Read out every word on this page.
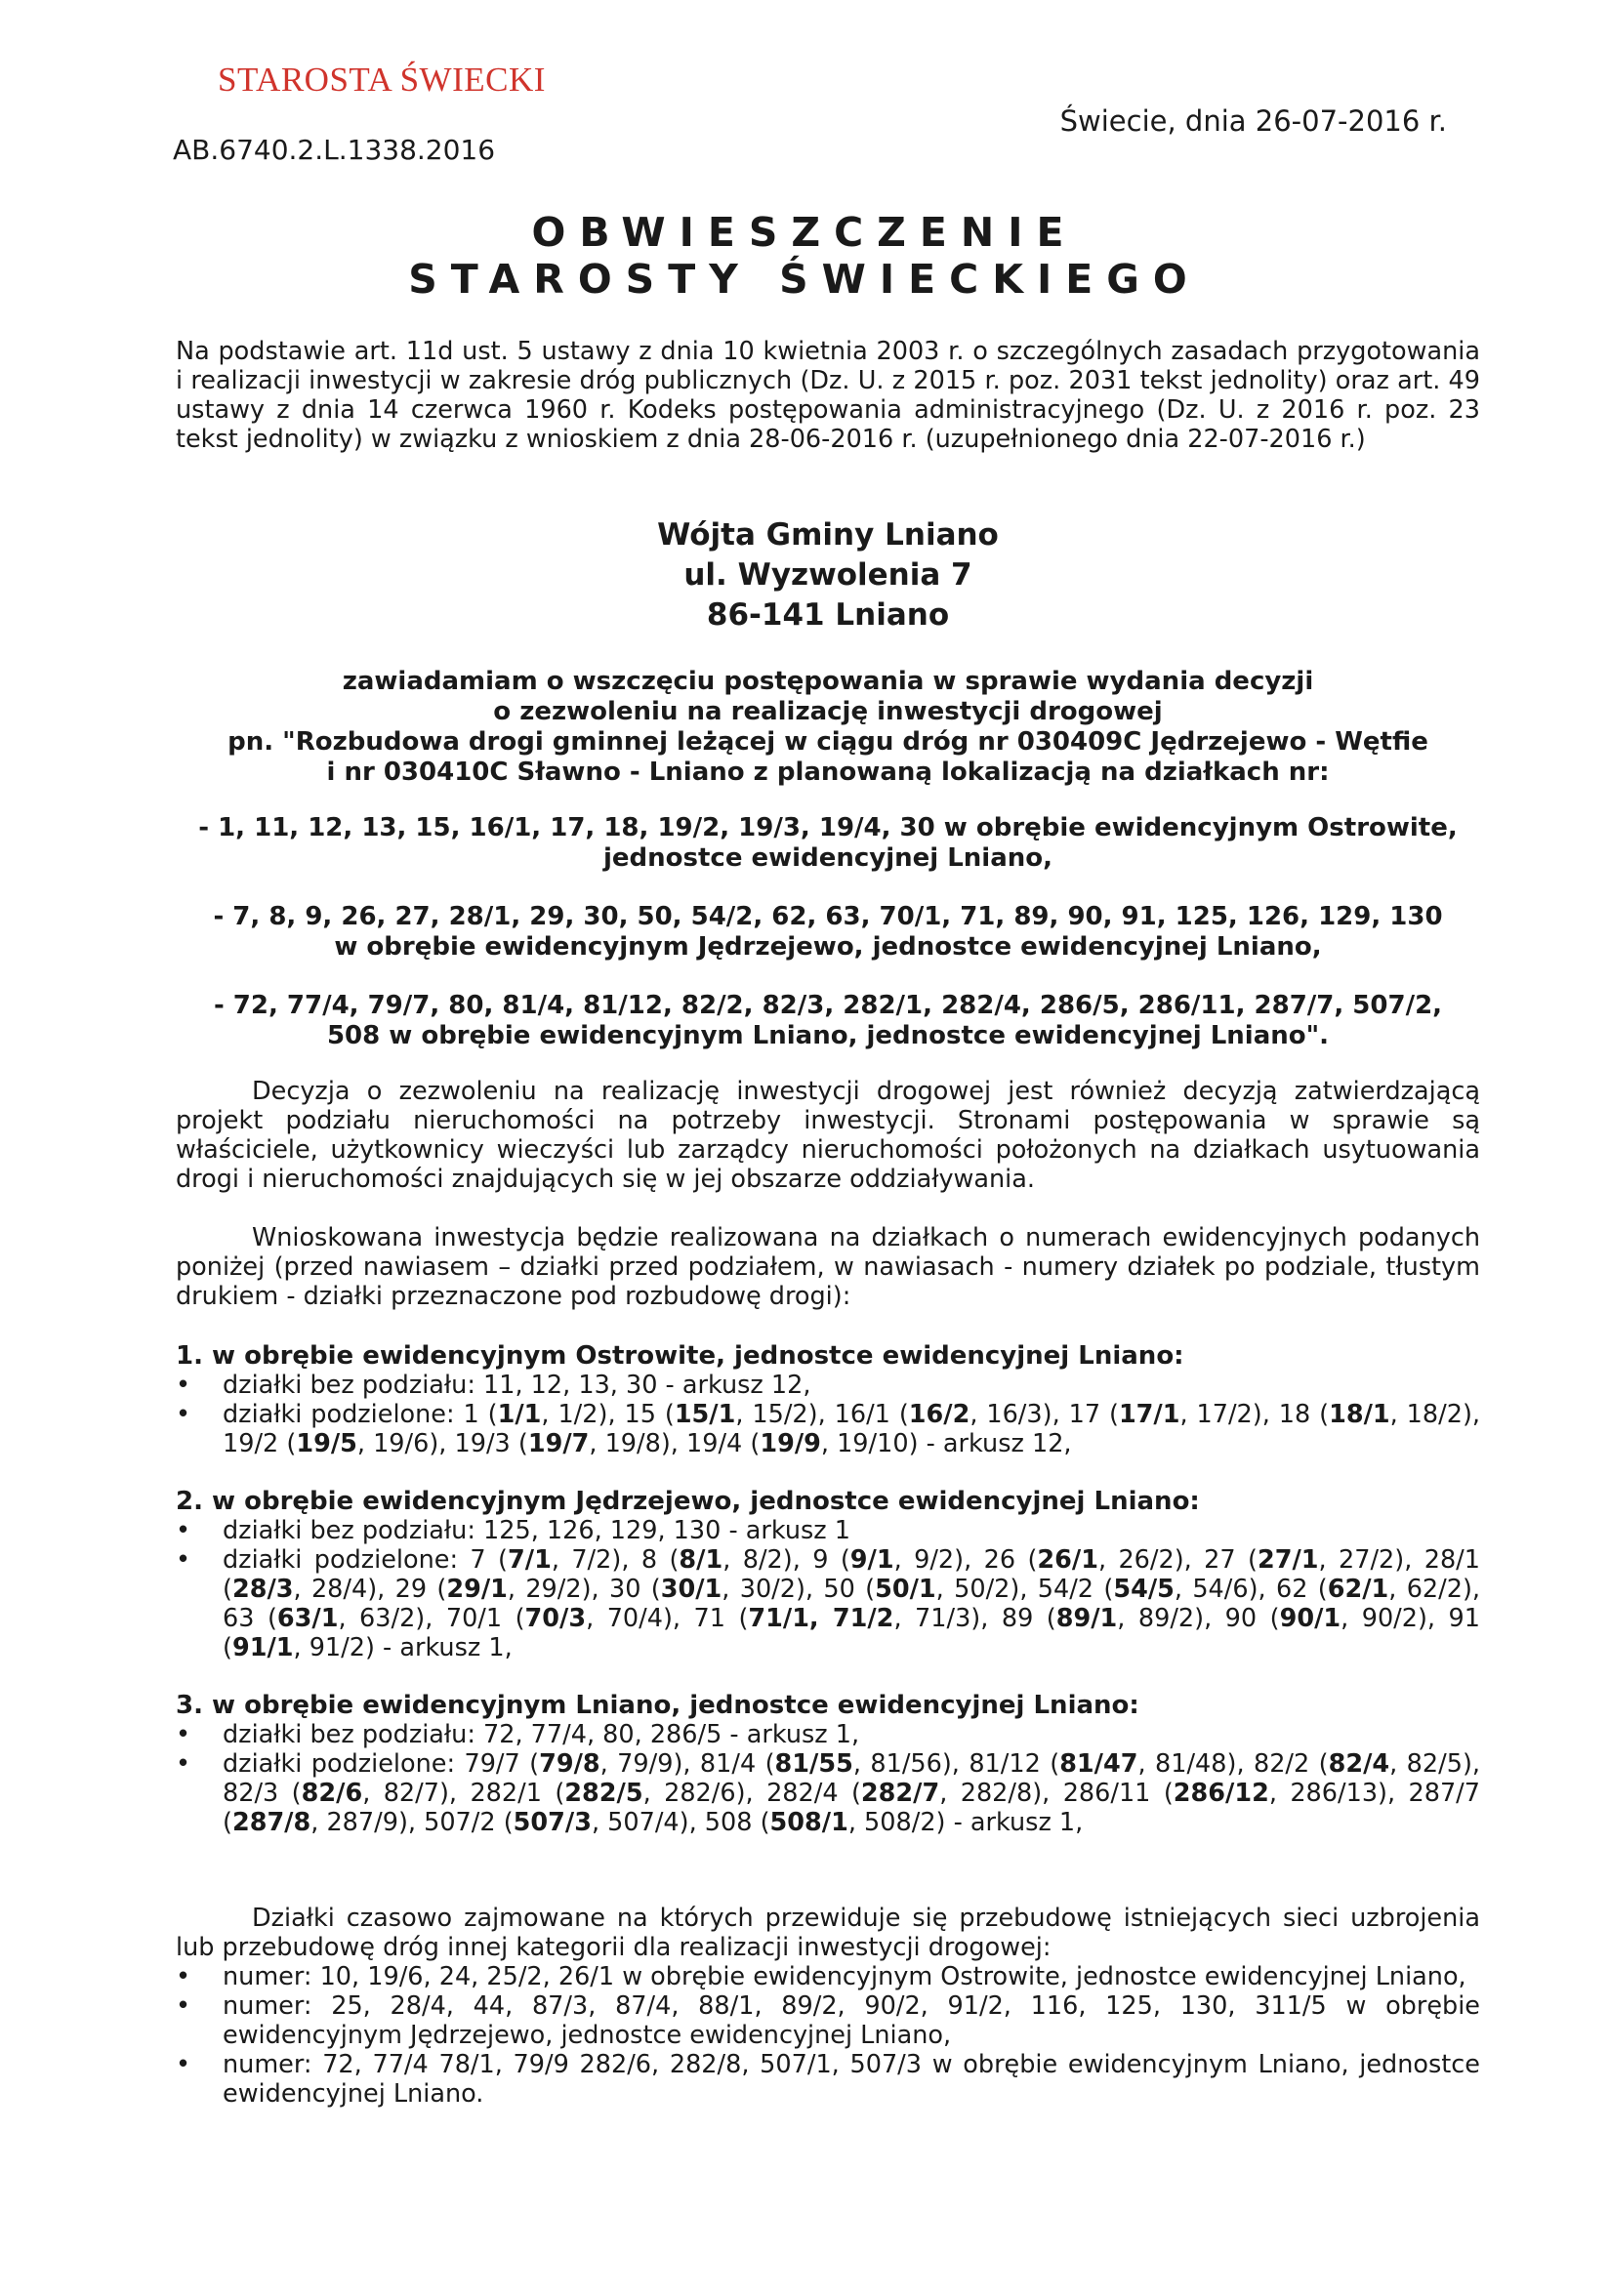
STAROSTA ŚWIECKI
AB.6740.2.L.1338.2016
Świecie, dnia 26-07-2016 r.
OBWIESZCZENIE
STAROSTY ŚWIECKIEGO
Na podstawie art. 11d ust. 5 ustawy z dnia 10 kwietnia 2003 r. o szczególnych zasadach przygotowania i realizacji inwestycji w zakresie dróg publicznych (Dz. U. z 2015 r. poz. 2031 tekst jednolity) oraz art. 49 ustawy z dnia 14 czerwca 1960 r. Kodeks postępowania administracyjnego (Dz. U. z 2016 r. poz. 23 tekst jednolity) w związku z wnioskiem z dnia 28-06-2016 r. (uzupełnionego dnia 22-07-2016 r.)
Wójta Gminy Lniano
ul. Wyzwolenia 7
86-141 Lniano
zawiadamiam o wszczęciu postępowania w sprawie wydania decyzji
o zezwoleniu na realizację inwestycji drogowej
pn. "Rozbudowa drogi gminnej leżącej w ciągu dróg nr 030409C Jędrzejewo - Wętfie
i nr 030410C Sławno - Lniano z planowaną lokalizacją na działkach nr:
- 1, 11, 12, 13, 15, 16/1, 17, 18, 19/2, 19/3, 19/4, 30 w obrębie ewidencyjnym Ostrowite,
jednostce ewidencyjnej Lniano,
- 7, 8, 9, 26, 27, 28/1, 29, 30, 50, 54/2, 62, 63, 70/1, 71, 89, 90, 91, 125, 126, 129, 130
w obrębie ewidencyjnym Jędrzejewo, jednostce ewidencyjnej Lniano,
- 72, 77/4, 79/7, 80, 81/4, 81/12, 82/2, 82/3, 282/1, 282/4, 286/5, 286/11, 287/7, 507/2,
508 w obrębie ewidencyjnym Lniano, jednostce ewidencyjnej Lniano".
Decyzja o zezwoleniu na realizację inwestycji drogowej jest również decyzją zatwierdzającą projekt podziału nieruchomości na potrzeby inwestycji. Stronami postępowania w sprawie są właściciele, użytkownicy wieczyści lub zarządcy nieruchomości położonych na działkach usytuowania drogi i nieruchomości znajdujących się w jej obszarze oddziaływania.
Wnioskowana inwestycja będzie realizowana na działkach o numerach ewidencyjnych podanych poniżej (przed nawiasem – działki przed podziałem, w nawiasach - numery działek po podziale, tłustym drukiem - działki przeznaczone pod rozbudowę drogi):
1. w obrębie ewidencyjnym Ostrowite, jednostce ewidencyjnej Lniano:
• działki bez podziału: 11, 12, 13, 30 - arkusz 12,
• działki podzielone: 1 (1/1, 1/2), 15 (15/1, 15/2), 16/1 (16/2, 16/3), 17 (17/1, 17/2), 18 (18/1, 18/2), 19/2 (19/5, 19/6), 19/3 (19/7, 19/8), 19/4 (19/9, 19/10) - arkusz 12,
2. w obrębie ewidencyjnym Jędrzejewo, jednostce ewidencyjnej Lniano:
• działki bez podziału: 125, 126, 129, 130 - arkusz 1
• działki podzielone: 7 (7/1, 7/2), 8 (8/1, 8/2), 9 (9/1, 9/2), 26 (26/1, 26/2), 27 (27/1, 27/2), 28/1 (28/3, 28/4), 29 (29/1, 29/2), 30 (30/1, 30/2), 50 (50/1, 50/2), 54/2 (54/5, 54/6), 62 (62/1, 62/2), 63 (63/1, 63/2), 70/1 (70/3, 70/4), 71 (71/1, 71/2, 71/3), 89 (89/1, 89/2), 90 (90/1, 90/2), 91 (91/1, 91/2) - arkusz 1,
3. w obrębie ewidencyjnym Lniano, jednostce ewidencyjnej Lniano:
• działki bez podziału: 72, 77/4, 80, 286/5 - arkusz 1,
• działki podzielone: 79/7 (79/8, 79/9), 81/4 (81/55, 81/56), 81/12 (81/47, 81/48), 82/2 (82/4, 82/5), 82/3 (82/6, 82/7), 282/1 (282/5, 282/6), 282/4 (282/7, 282/8), 286/11 (286/12, 286/13), 287/7 (287/8, 287/9), 507/2 (507/3, 507/4), 508 (508/1, 508/2) - arkusz 1,
Działki czasowo zajmowane na których przewiduje się przebudowę istniejących sieci uzbrojenia lub przebudowę dróg innej kategorii dla realizacji inwestycji drogowej:
• numer: 10, 19/6, 24, 25/2, 26/1 w obrębie ewidencyjnym Ostrowite, jednostce ewidencyjnej Lniano,
• numer: 25, 28/4, 44, 87/3, 87/4, 88/1, 89/2, 90/2, 91/2, 116, 125, 130, 311/5 w obrębie ewidencyjnym Jędrzejewo, jednostce ewidencyjnej Lniano,
• numer: 72, 77/4 78/1, 79/9 282/6, 282/8, 507/1, 507/3 w obrębie ewidencyjnym Lniano, jednostce ewidencyjnej Lniano.
